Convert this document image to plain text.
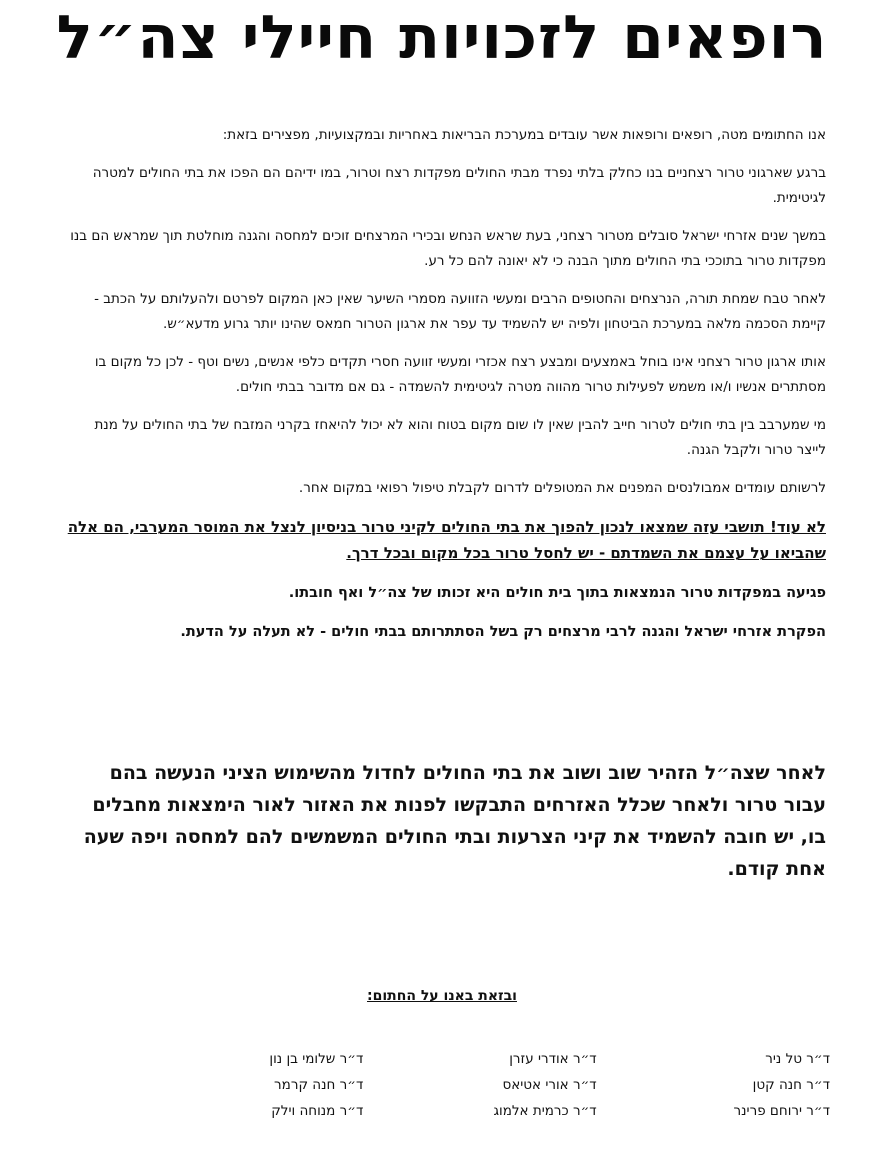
רופאים לזכויות חיילי צה״ל

אנו החתומים מטה, רופאים ורופאות אשר עובדים במערכת הבריאות באחריות ובמקצועיות, מפצירים בזאת:

ברגע שארגוני טרור רצחניים בנו כחלק בלתי נפרד מבתי החולים מפקדות רצח וטרור, במו ידיהם הם הפכו את בתי החולים למטרה לגיטימית.

במשך שנים אזרחי ישראל סובלים מטרור רצחני, בעת שראש הנחש ובכירי המרצחים זוכים למחסה והגנה מוחלטת תוך שמראש הם בנו מפקדות טרור בתוככי בתי החולים מתוך הבנה כי לא יאונה להם כל רע.

לאחר טבח שמחת תורה, הנרצחים והחטופים הרבים ומעשי הזוועה מסמרי השיער שאין כאן המקום לפרטם ולהעלותם על הכתב - קיימת הסכמה מלאה במערכת הביטחון ולפיה יש להשמיד עד עפר את ארגון הטרור חמאס שהינו יותר גרוע מדעא״ש.

אותו ארגון טרור רצחני אינו בוחל באמצעים ומבצע רצח אכזרי ומעשי זוועה חסרי תקדים כלפי אנשים, נשים וטף - לכן כל מקום בו מסתתרים אנשיו ו/או משמש לפעילות טרור מהווה מטרה לגיטימית להשמדה - גם אם מדובר בבתי חולים.

מי שמערבב בין בתי חולים לטרור חייב להבין שאין לו שום מקום בטוח והוא לא יכול להיאחז בקרני המזבח של בתי החולים על מנת לייצר טרור ולקבל הגנה.

לרשותם עומדים אמבולנסים המפנים את המטופלים לדרום לקבלת טיפול רפואי במקום אחר.

לא עוד! תושבי עזה שמצאו לנכון להפוך את בתי החולים לקיני טרור בניסיון לנצל את המוסר המערבי, הם אלה שהביאו על עצמם את השמדתם - יש לחסל טרור בכל מקום ובכל דרך.

פגיעה במפקדות טרור הנמצאות בתוך בית חולים היא זכותו של צה״ל ואף חובתו.

הפקרת אזרחי ישראל והגנה לרבי מרצחים רק בשל הסתתרותם בבתי חולים - לא תעלה על הדעת.

לאחר שצה״ל הזהיר שוב ושוב את בתי החולים לחדול מהשימוש הציני הנעשה בהם עבור טרור ולאחר שכלל האזרחים התבקשו לפנות את האזור לאור הימצאות מחבלים בו, יש חובה להשמיד את קיני הצרעות ובתי החולים המשמשים להם למחסה ויפה שעה אחת קודם.

ובזאת באנו על החתום:
ד״ר טל ניר
ד״ר חנה קטן
ד״ר ירוחם פרינר
ד״ר אודרי עזרן
ד״ר אורי אטיאס
ד״ר כרמית אלמוג
ד״ר שלומי בן נון
ד״ר חנה קרמר
ד״ר מנוחה וילק
